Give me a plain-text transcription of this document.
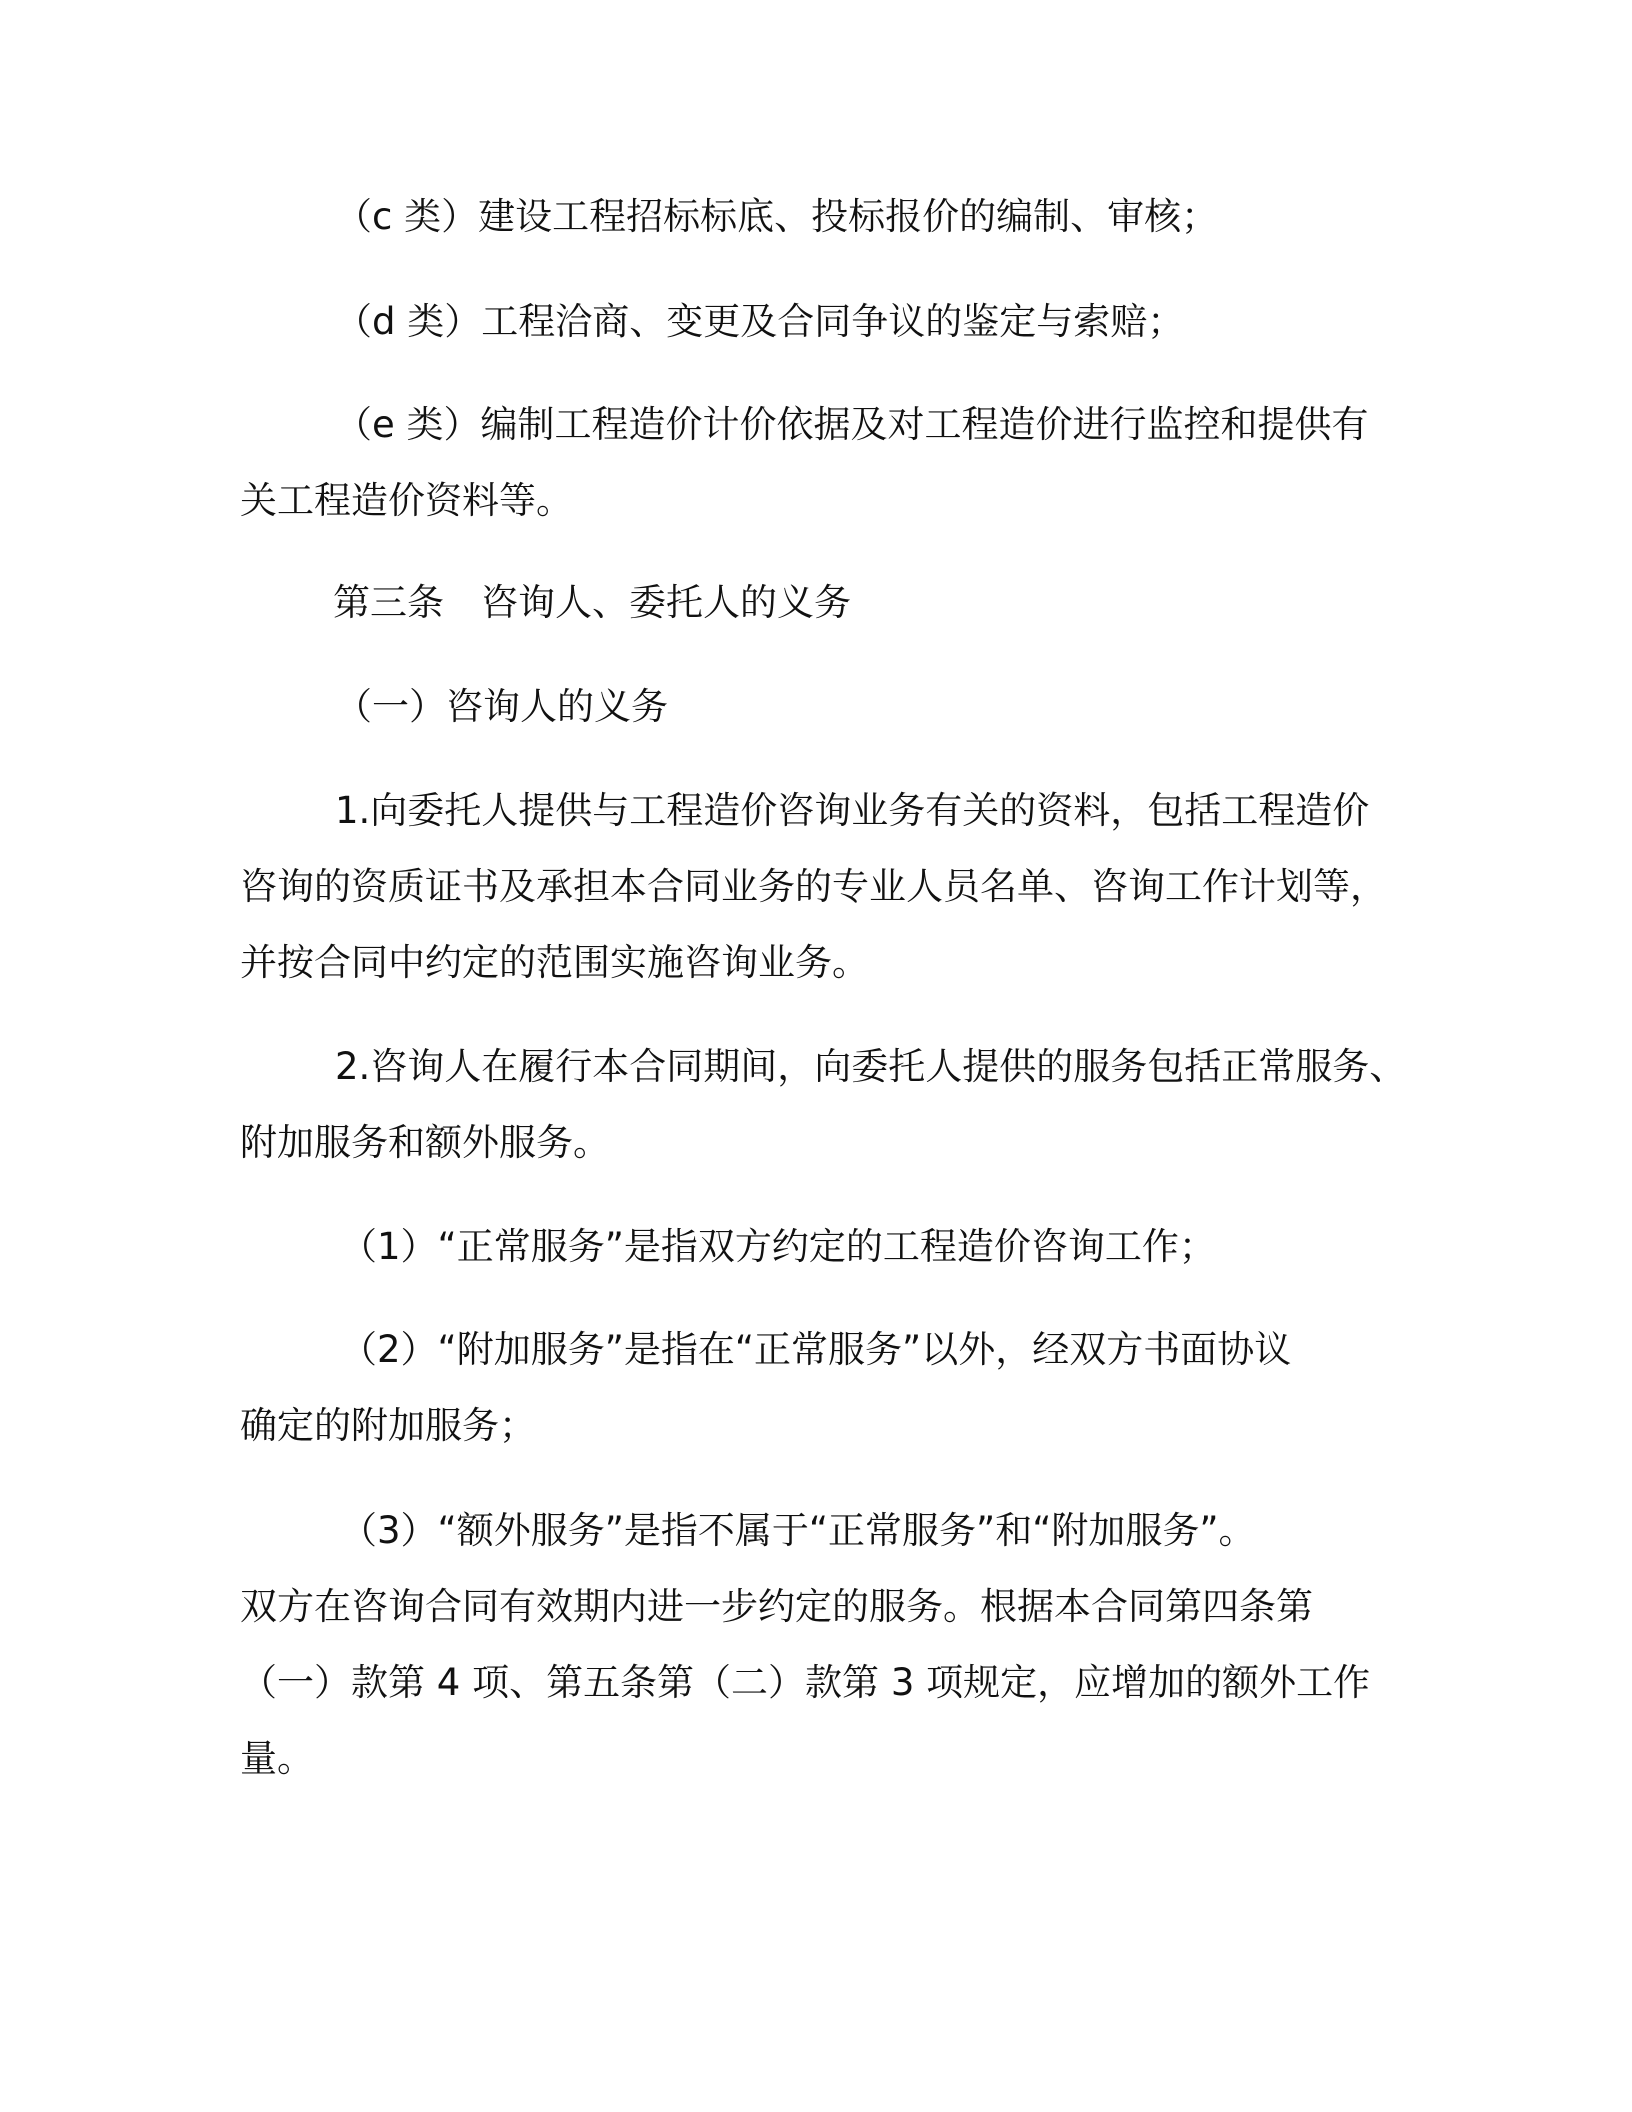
（c 类）建设工程招标标底、投标报价的编制、审核；
（d 类）工程洽商、变更及合同争议的鉴定与索赔；
（e 类）编制工程造价计价依据及对工程造价进行监控和提供有
关工程造价资料等。
第三条　咨询人、委托人的义务
（一）咨询人的义务
1.向委托人提供与工程造价咨询业务有关的资料，包括工程造价
咨询的资质证书及承担本合同业务的专业人员名单、咨询工作计划等，
并按合同中约定的范围实施咨询业务。
2.咨询人在履行本合同期间，向委托人提供的服务包括正常服务、
附加服务和额外服务。
（1）“正常服务”是指双方约定的工程造价咨询工作；
（2）“附加服务”是指在“正常服务”以外，经双方书面协议
确定的附加服务；
（3）“额外服务”是指不属于“正常服务”和“附加服务”。
双方在咨询合同有效期内进一步约定的服务。根据本合同第四条第
（一）款第 4 项、第五条第（二）款第 3 项规定，应增加的额外工作
量。
